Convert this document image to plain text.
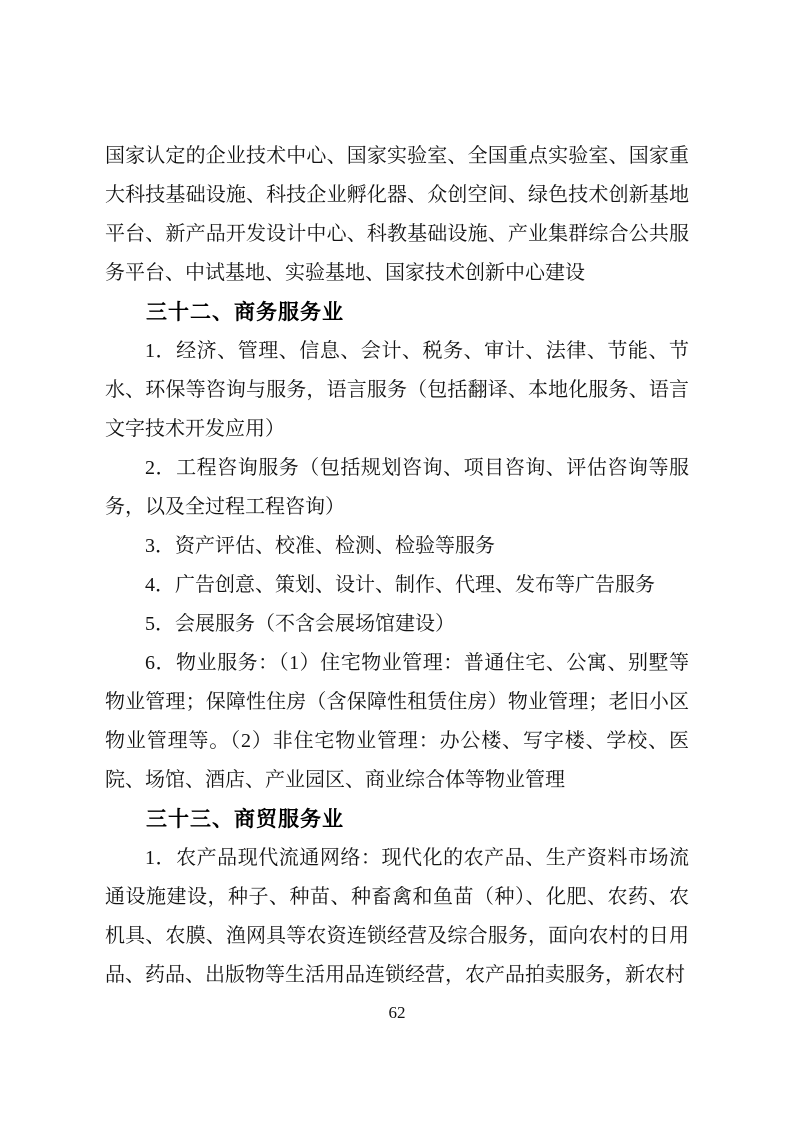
国家认定的企业技术中心、国家实验室、全国重点实验室、国家重大科技基础设施、科技企业孵化器、众创空间、绿色技术创新基地平台、新产品开发设计中心、科教基础设施、产业集群综合公共服务平台、中试基地、实验基地、国家技术创新中心建设

三十二、商务服务业

1．经济、管理、信息、会计、税务、审计、法律、节能、节水、环保等咨询与服务，语言服务（包括翻译、本地化服务、语言文字技术开发应用）

2．工程咨询服务（包括规划咨询、项目咨询、评估咨询等服务，以及全过程工程咨询）

3．资产评估、校准、检测、检验等服务

4．广告创意、策划、设计、制作、代理、发布等广告服务

5．会展服务（不含会展场馆建设）

6．物业服务：（1）住宅物业管理：普通住宅、公寓、别墅等物业管理；保障性住房（含保障性租赁住房）物业管理；老旧小区物业管理等。（2）非住宅物业管理：办公楼、写字楼、学校、医院、场馆、酒店、产业园区、商业综合体等物业管理

三十三、商贸服务业

1．农产品现代流通网络：现代化的农产品、生产资料市场流通设施建设，种子、种苗、种畜禽和鱼苗（种）、化肥、农药、农机具、农膜、渔网具等农资连锁经营及综合服务，面向农村的日用品、药品、出版物等生活用品连锁经营，农产品拍卖服务，新农村

62
